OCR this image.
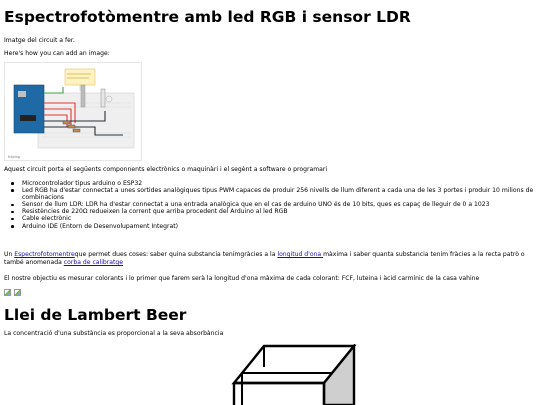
Espectrofotòmentre amb led RGB i sensor LDR
Imatge del circuit a fer.
Here's how you can add an image:
fritzing
Aquest circuit porta el següents componnents electrònics o maquinàri i el segènt a software o programari
Microcontrolador tipus arduino o ESP32
Led RGB ha d'estar connectat a unes sortides analògiques tipus PWM capaces de produir 256 nivells de llum diferent a cada una de les 3 portes i produir 10 milions de combinacions
Sensor de llum LDR: LDR ha d'estar connectat a una entrada analògica que en el cas de arduino UNO és de 10 bits, ques es capaç de lleguir de 0 a 1023
Resistències de 220Ω redueixen la corrent que arriba procedent del Arduino al led RGB
Cable electrònic
Arduino IDE (Entorn de Desenvolupament Integrat)
Un Espectrofotomentreque permet dues coses: saber quina substancia tenimgràcies a la longitud d'ona màxima i saber quanta substancia tenim fràcies a la recta patrò o també anomenada corba de calibratge
El nostre objectiu es mesurar colorants i lo primer que farem serà la longitud d'ona màxima de cada colorant: FCF, luteina i àcid carmínic de la casa vahine
Llei de Lambert Beer
La concentració d'una substància es proporcional a la seva absorbància
